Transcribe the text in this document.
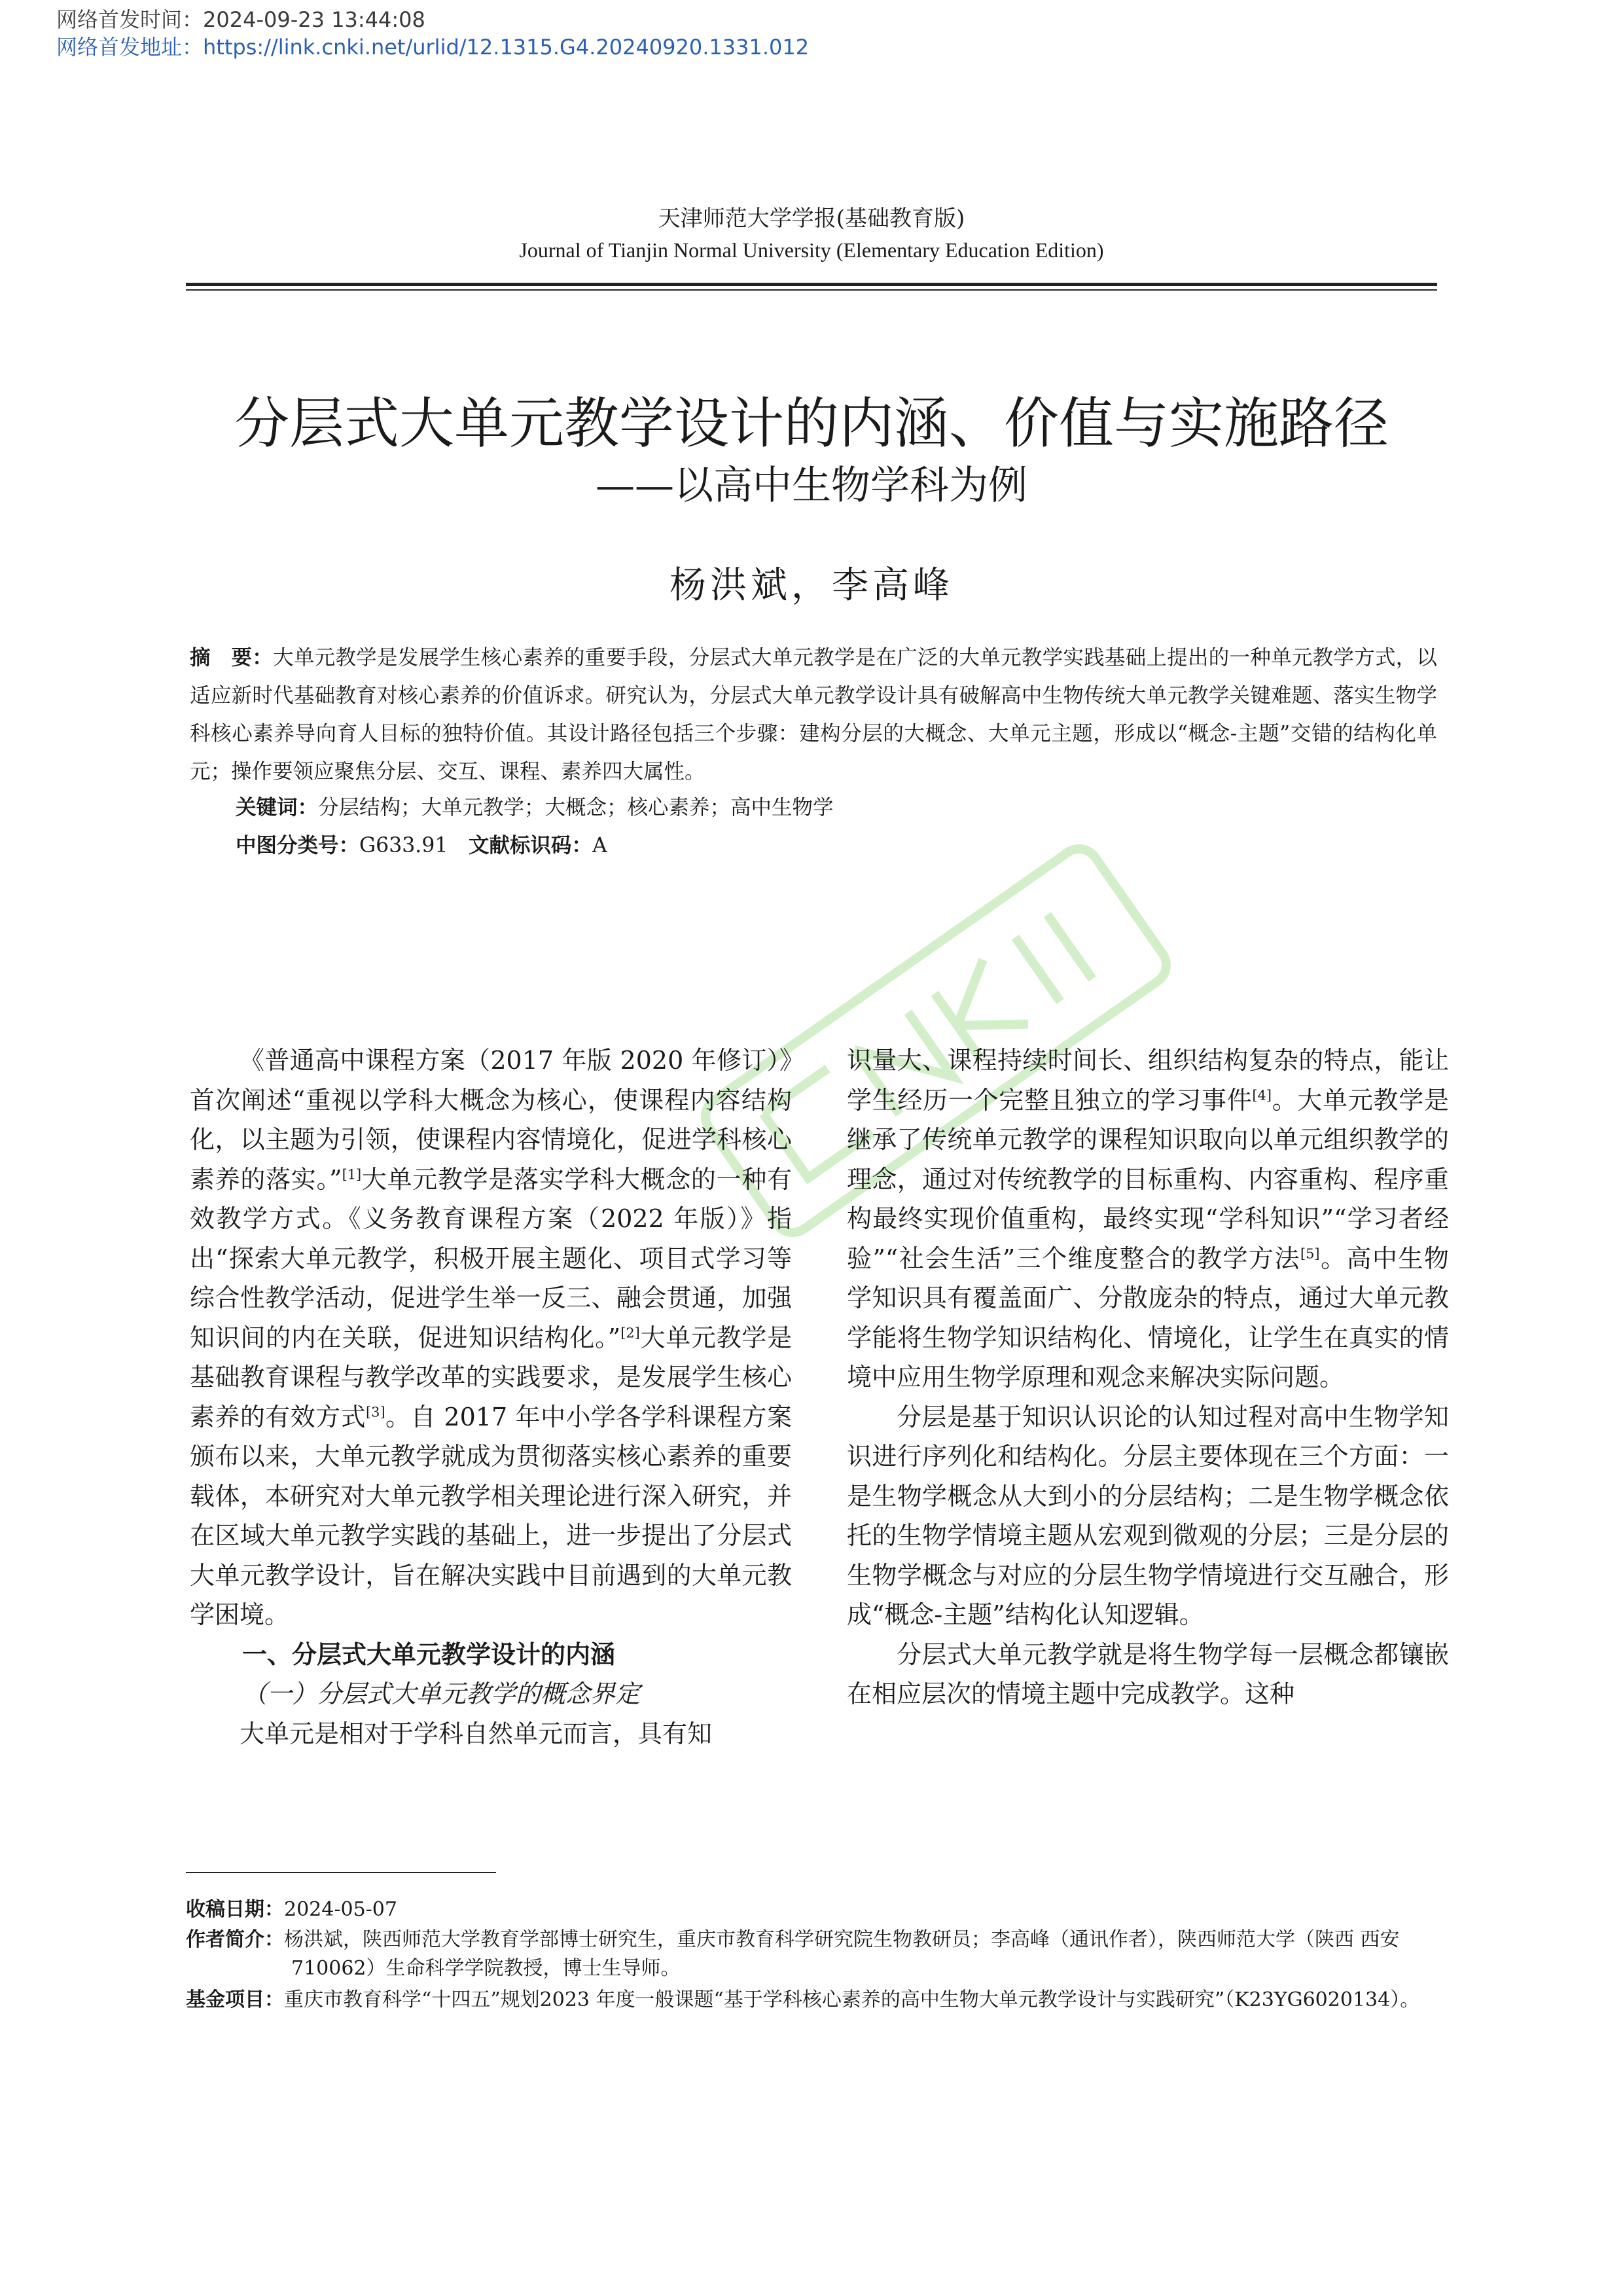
网络首发时间：2024-09-23 13:44:08
网络首发地址：https://link.cnki.net/urlid/12.1315.G4.20240920.1331.012
天津师范大学学报(基础教育版)
Journal of Tianjin Normal University (Elementary Education Edition)
分层式大单元教学设计的内涵、价值与实施路径
——以高中生物学科为例
杨洪斌，李高峰
摘　要：大单元教学是发展学生核心素养的重要手段，分层式大单元教学是在广泛的大单元教学实践基础上提出的一种单元教学方式，以适应新时代基础教育对核心素养的价值诉求。研究认为，分层式大单元教学设计具有破解高中生物传统大单元教学关键难题、落实生物学科核心素养导向育人目标的独特价值。其设计路径包括三个步骤：建构分层的大概念、大单元主题，形成以“概念-主题”交错的结构化单元；操作要领应聚焦分层、交互、课程、素养四大属性。
关键词：分层结构；大单元教学；大概念；核心素养；高中生物学
中图分类号：G633.91　 文献标识码：A

《普通高中课程方案（2017 年版 2020 年修订）》首次阐述“重视以学科大概念为核心，使课程内容结构化，以主题为引领，使课程内容情境化，促进学科核心素养的落实。”[1]大单元教学是落实学科大概念的一种有效教学方式。《义务教育课程方案（2022 年版）》指出“探索大单元教学，积极开展主题化、项目式学习等综合性教学活动，促进学生举一反三、融会贯通，加强知识间的内在关联，促进知识结构化。”[2]大单元教学是基础教育课程与教学改革的实践要求，是发展学生核心素养的有效方式[3]。自 2017 年中小学各学科课程方案颁布以来，大单元教学就成为贯彻落实核心素养的重要载体，本研究对大单元教学相关理论进行深入研究，并在区域大单元教学实践的基础上，进一步提出了分层式大单元教学设计，旨在解决实践中目前遇到的大单元教学困境。

一、分层式大单元教学设计的内涵
（一）分层式大单元教学的概念界定

大单元是相对于学科自然单元而言，具有知

识量大、课程持续时间长、组织结构复杂的特点，能让学生经历一个完整且独立的学习事件[4]。大单元教学是继承了传统单元教学的课程知识取向以单元组织教学的理念，通过对传统教学的目标重构、内容重构、程序重构最终实现价值重构，最终实现“学科知识”“学习者经验”“社会生活”三个维度整合的教学方法[5]。高中生物学知识具有覆盖面广、分散庞杂的特点，通过大单元教学能将生物学知识结构化、情境化，让学生在真实的情境中应用生物学原理和观念来解决实际问题。

分层是基于知识认识论的认知过程对高中生物学知识进行序列化和结构化。分层主要体现在三个方面：一是生物学概念从大到小的分层结构；二是生物学概念依托的生物学情境主题从宏观到微观的分层；三是分层的生物学概念与对应的分层生物学情境进行交互融合，形成“概念-主题”结构化认知逻辑。

分层式大单元教学就是将生物学每一层概念都镶嵌在相应层次的情境主题中完成教学。这种

收稿日期：2024-05-07
作者简介：杨洪斌，陕西师范大学教育学部博士研究生，重庆市教育科学研究院生物教研员；李高峰（通讯作者），陕西师范大学（陕西 西安 710062）生命科学学院教授，博士生导师。
基金项目：重庆市教育科学“十四五”规划2023 年度一般课题“基于学科核心素养的高中生物大单元教学设计与实践研究”（K23YG6020134）。
